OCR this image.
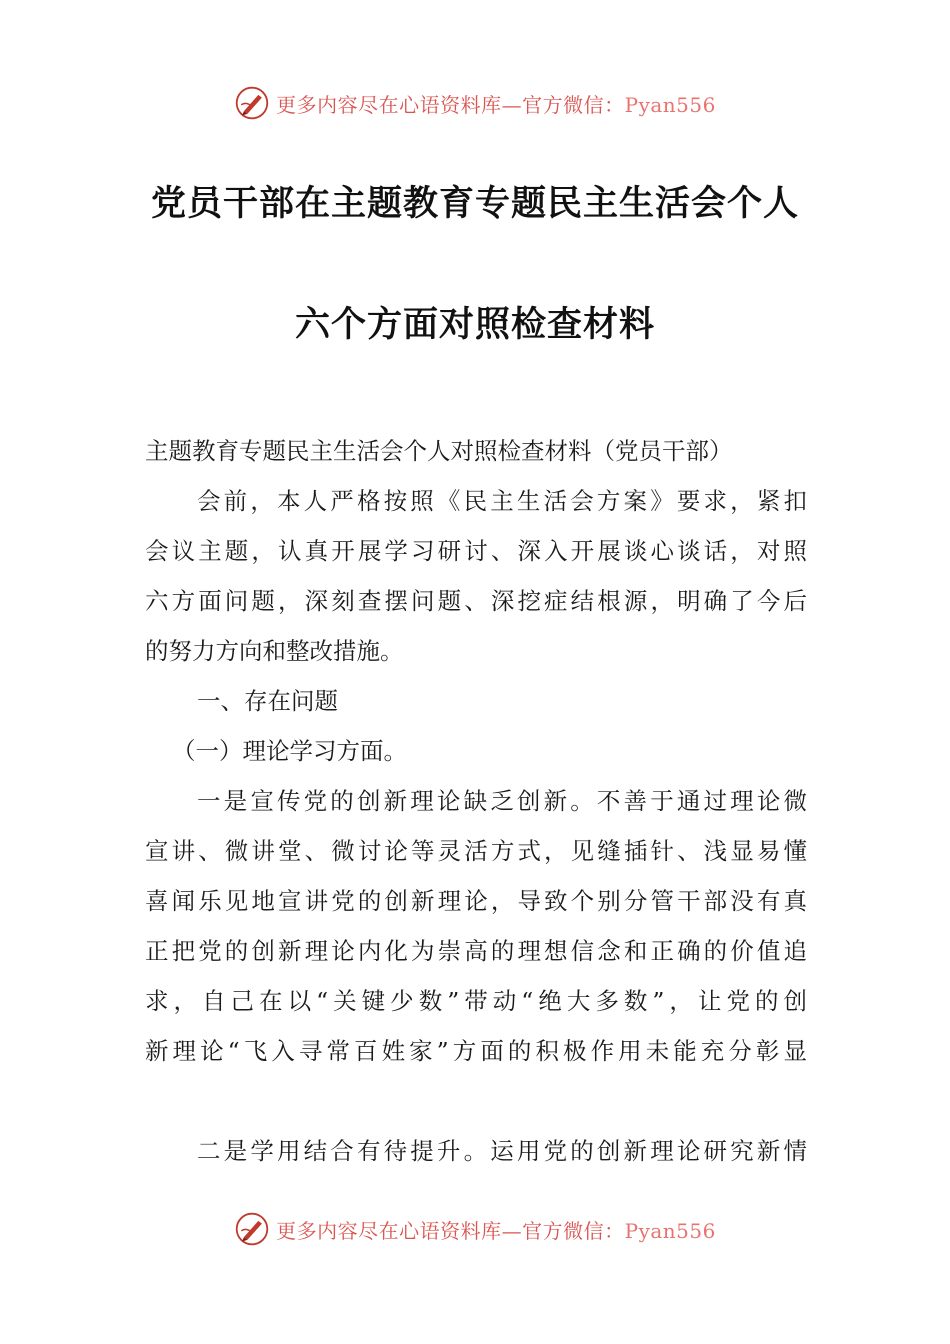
更多内容尽在心语资料库—官方微信：Pyan556
党员干部在主题教育专题民主生活会个人
六个方面对照检查材料
主题教育专题民主生活会个人对照检查材料（党员干部）
会前，本人严格按照《民主生活会方案》要求，紧扣
会议主题，认真开展学习研讨、深入开展谈心谈话，对照
六方面问题，深刻查摆问题、深挖症结根源，明确了今后
的努力方向和整改措施。
一、存在问题
（一）理论学习方面。
一是宣传党的创新理论缺乏创新。不善于通过理论微
宣讲、微讲堂、微讨论等灵活方式，见缝插针、浅显易懂
喜闻乐见地宣讲党的创新理论，导致个别分管干部没有真
正把党的创新理论内化为崇高的理想信念和正确的价值追
求，自己在以“关键少数”带动“绝大多数”，让党的创
新理论“飞入寻常百姓家”方面的积极作用未能充分彰显
二是学用结合有待提升。运用党的创新理论研究新情
更多内容尽在心语资料库—官方微信：Pyan556
